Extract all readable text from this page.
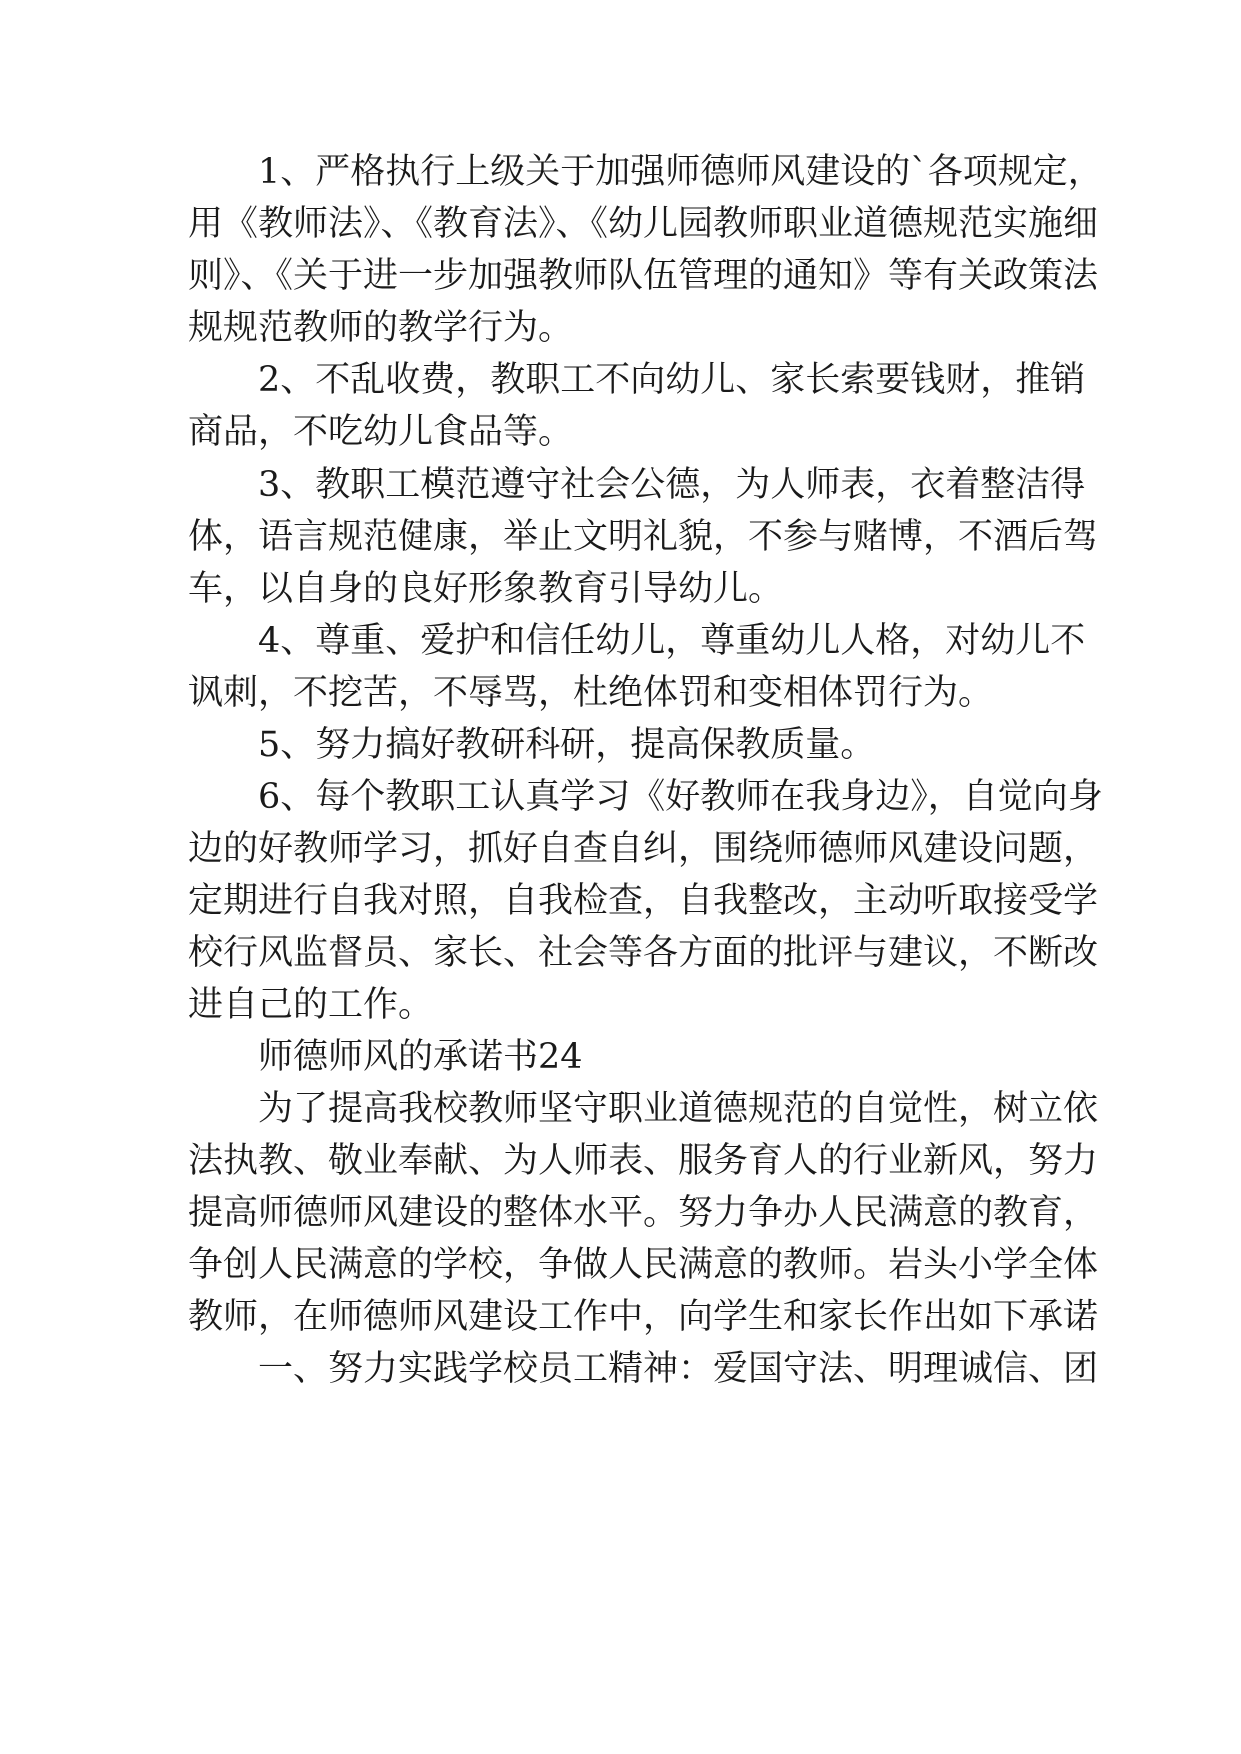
1、严格执行上级关于加强师德师风建设的`各项规定，
用《教师法》、《教育法》、《幼儿园教师职业道德规范实施细
则》、《关于进一步加强教师队伍管理的通知》等有关政策法
规规范教师的教学行为。
2、不乱收费，教职工不向幼儿、家长索要钱财，推销
商品，不吃幼儿食品等。
3、教职工模范遵守社会公德，为人师表，衣着整洁得
体，语言规范健康，举止文明礼貌，不参与赌博，不酒后驾
车，以自身的良好形象教育引导幼儿。
4、尊重、爱护和信任幼儿，尊重幼儿人格，对幼儿不
讽刺，不挖苦，不辱骂，杜绝体罚和变相体罚行为。
5、努力搞好教研科研，提高保教质量。
6、每个教职工认真学习《好教师在我身边》，自觉向身
边的好教师学习，抓好自查自纠，围绕师德师风建设问题，
定期进行自我对照，自我检查，自我整改，主动听取接受学
校行风监督员、家长、社会等各方面的批评与建议，不断改
进自己的工作。
师德师风的承诺书24
为了提高我校教师坚守职业道德规范的自觉性，树立依
法执教、敬业奉献、为人师表、服务育人的行业新风，努力
提高师德师风建设的整体水平。努力争办人民满意的教育，
争创人民满意的学校，争做人民满意的教师。岩头小学全体
教师，在师德师风建设工作中，向学生和家长作出如下承诺
一、努力实践学校员工精神：爱国守法、明理诚信、团
